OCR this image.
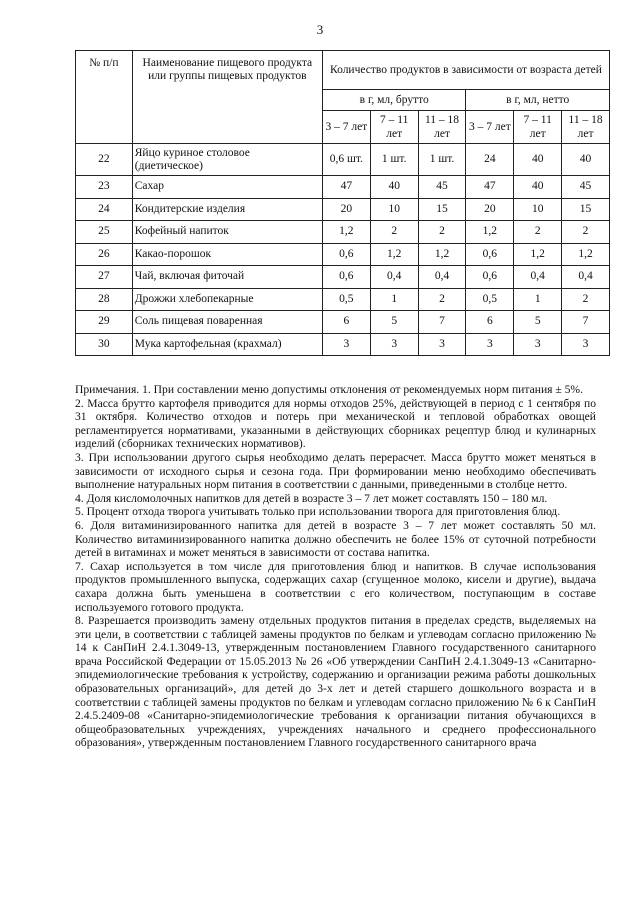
3
№ п/п	Наименование пищевого продукта или группы пищевых продуктов	Количество продуктов в зависимости от возраста детей					
		в г, мл, брутто			в г, мл, нетто		
		3 – 7 лет	7 – 11 лет	11 – 18 лет	3 – 7 лет	7 – 11 лет	11 – 18 лет
22	Яйцо куриное столовое (диетическое)	0,6 шт.	1 шт.	1 шт.	24	40	40
23	Сахар	47	40	45	47	40	45
24	Кондитерские изделия	20	10	15	20	10	15
25	Кофейный напиток	1,2	2	2	1,2	2	2
26	Какао-порошок	0,6	1,2	1,2	0,6	1,2	1,2
27	Чай, включая фиточай	0,6	0,4	0,4	0,6	0,4	0,4
28	Дрожжи хлебопекарные	0,5	1	2	0,5	1	2
29	Соль пищевая поваренная	6	5	7	6	5	7
30	Мука картофельная (крахмал)	3	3	3	3	3	3

Примечания. 1. При составлении меню допустимы отклонения от рекомендуемых норм питания ± 5%.

2. Масса брутто картофеля приводится для нормы отходов 25%, действующей в период с 1 сентября по 31 октября. Количество отходов и потерь при механической и тепловой обработках овощей регламентируется нормативами, указанными в действующих сборниках рецептур блюд и кулинарных изделий (сборниках технических нормативов).

3. При использовании другого сырья необходимо делать перерасчет. Масса брутто может меняться в зависимости от исходного сырья и сезона года. При формировании меню необходимо обеспечивать выполнение натуральных норм питания в соответствии с данными, приведенными в столбце нетто.

4. Доля кисломолочных напитков для детей в возрасте 3 – 7 лет может составлять 150 – 180 мл.

5. Процент отхода творога учитывать только при использовании творога для приготовления блюд.

6. Доля витаминизированного напитка для детей в возрасте 3 – 7 лет может составлять 50 мл. Количество витаминизированного напитка должно обеспечить не более 15% от суточной потребности детей в витаминах и может меняться в зависимости от состава напитка.

7. Сахар используется в том числе для приготовления блюд и напитков. В случае использования продуктов промышленного выпуска, содержащих сахар (сгущенное молоко, кисели и другие), выдача сахара должна быть уменьшена в соответствии с его количеством, поступающим в составе используемого готового продукта.

8. Разрешается производить замену отдельных продуктов питания в пределах средств, выделяемых на эти цели, в соответствии с таблицей замены продуктов по белкам и углеводам согласно приложению № 14 к СанПиН 2.4.1.3049-13, утвержденным постановлением Главного государственного санитарного врача Российской Федерации от 15.05.2013 № 26 «Об утверждении СанПиН 2.4.1.3049-13 «Санитарно-эпидемиологические требования к устройству, содержанию и организации режима работы дошкольных образовательных организаций», для детей до 3-х лет и детей старшего дошкольного возраста и в соответствии с таблицей замены продуктов по белкам и углеводам согласно приложению № 6 к СанПиН 2.4.5.2409-08 «Санитарно-эпидемиологические требования к организации питания обучающихся в общеобразовательных учреждениях, учреждениях начального и среднего профессионального образования», утвержденным постановлением Главного государственного санитарного врача
